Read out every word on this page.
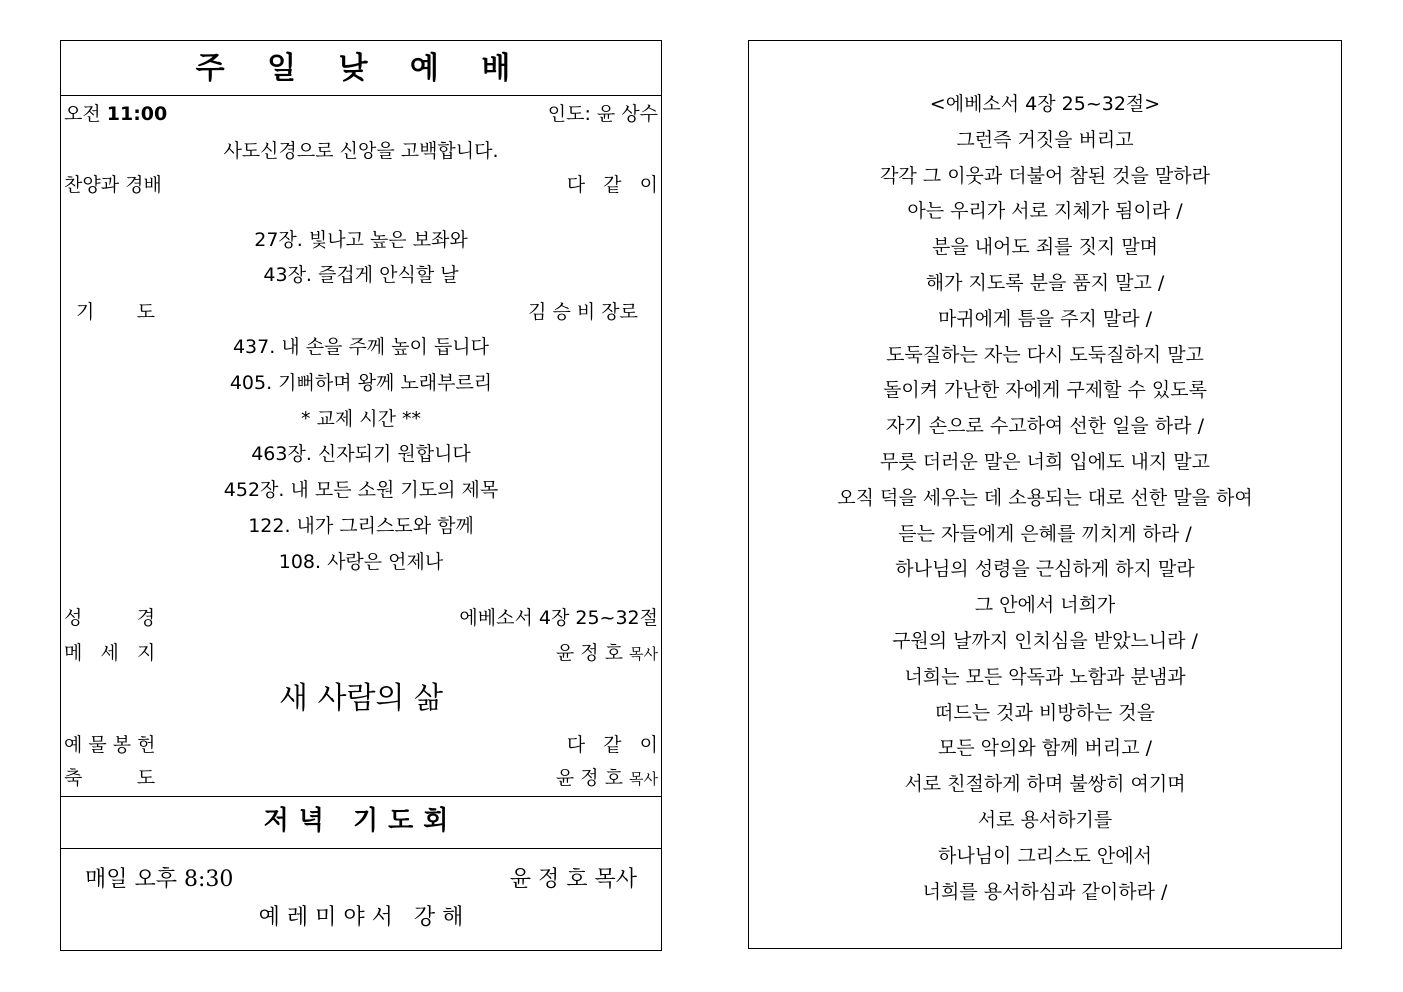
주 일 낮 예 배
오전 11:00	인도: 윤 상수
사도신경으로 신앙을 고백합니다.
찬양과 경배	다   같   이
27장. 빛나고 높은 보좌와
43장. 즐겁게 안식할 날
기       도	김 승 비 장로
437. 내 손을 주께 높이 듭니다
405. 기뻐하며 왕께 노래부르리
* 교제 시간 **
463장. 신자되기 원합니다
452장. 내 모든 소원 기도의 제목
122. 내가 그리스도와 함께
108. 사랑은 언제나
성         경	에베소서 4장 25~32절
메   세   지	윤 정 호 목사
새 사람의 삶
예 물 봉 헌	다   같   이
축         도	윤 정 호 목사
저녁 기도회
매일 오후 8:30	윤 정 호 목사
예 레 미 야 서   강 해
<에베소서 4장 25~32절>
그런즉 거짓을 버리고
각각 그 이웃과 더불어 참된 것을 말하라
아는 우리가 서로 지체가 됨이라 /
분을 내어도 죄를 짓지 말며
해가 지도록 분을 품지 말고 /
마귀에게 틈을 주지 말라 /
도둑질하는 자는 다시 도둑질하지 말고
돌이켜 가난한 자에게 구제할 수 있도록
자기 손으로 수고하여 선한 일을 하라 /
무릇 더러운 말은 너희 입에도 내지 말고
오직 덕을 세우는 데 소용되는 대로 선한 말을 하여
듣는 자들에게 은혜를 끼치게 하라 /
하나님의 성령을 근심하게 하지 말라
그 안에서 너희가
구원의 날까지 인치심을 받았느니라 /
너희는 모든 악독과 노함과 분냄과
떠드는 것과 비방하는 것을
모든 악의와 함께 버리고 /
서로 친절하게 하며 불쌍히 여기며
서로 용서하기를
하나님이 그리스도 안에서
너희를 용서하심과 같이하라 /
